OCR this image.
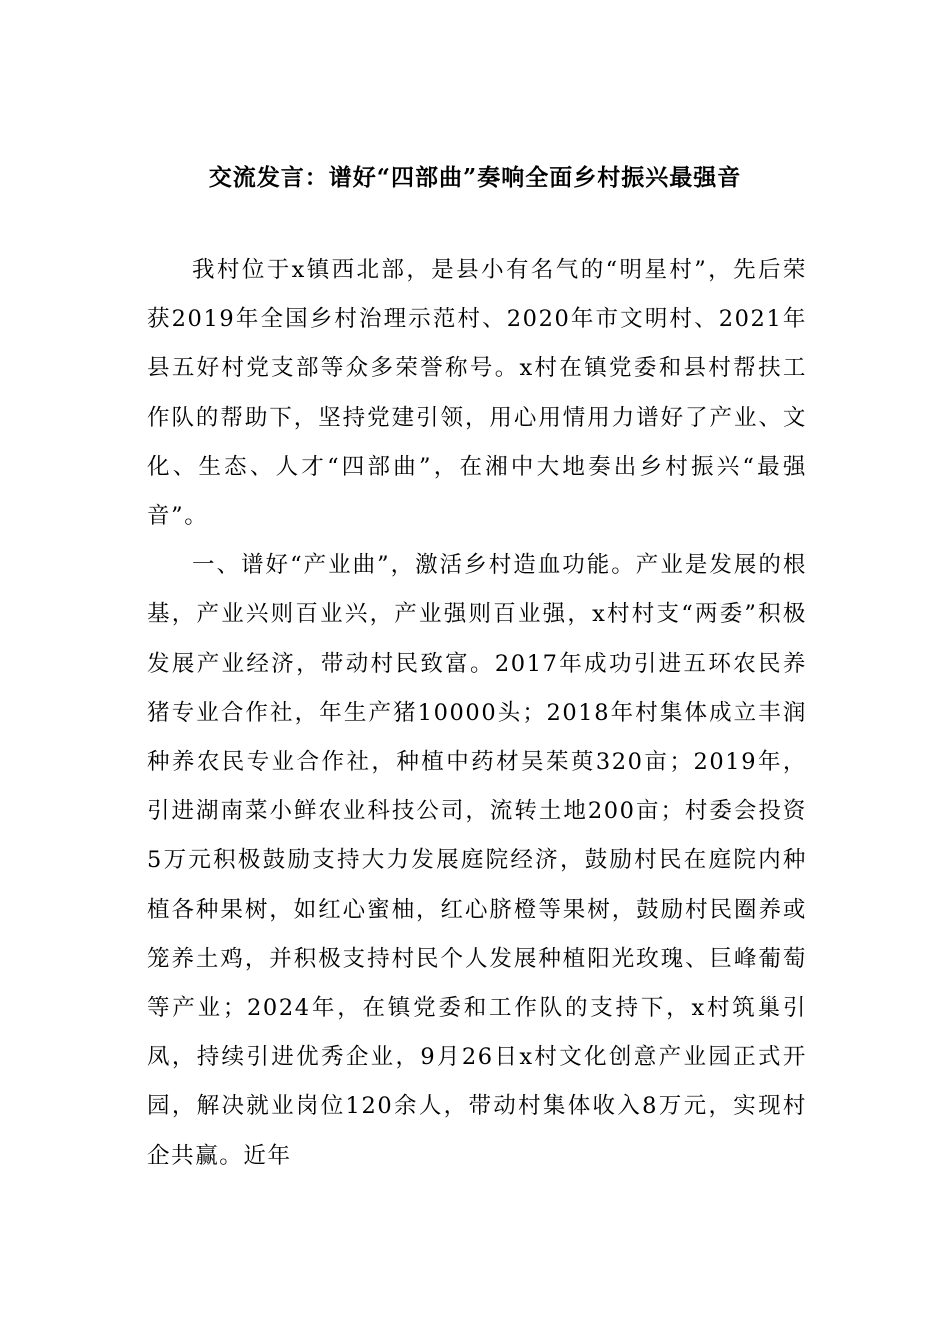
交流发言：谱好“四部曲”奏响全面乡村振兴最强音

我村位于x镇西北部，是县小有名气的“明星村”，先后荣获2019年全国乡村治理示范村、2020年市文明村、2021年县五好村党支部等众多荣誉称号。x村在镇党委和县村帮扶工作队的帮助下，坚持党建引领，用心用情用力谱好了产业、文化、生态、人才“四部曲”，在湘中大地奏出乡村振兴“最强音”。

一、谱好“产业曲”，激活乡村造血功能。产业是发展的根基，产业兴则百业兴，产业强则百业强，x村村支“两委”积极发展产业经济，带动村民致富。2017年成功引进五环农民养猪专业合作社，年生产猪10000头；2018年村集体成立丰润种养农民专业合作社，种植中药材吴茱萸320亩；2019年，引进湖南菜小鲜农业科技公司，流转土地200亩；村委会投资5万元积极鼓励支持大力发展庭院经济，鼓励村民在庭院内种植各种果树，如红心蜜柚，红心脐橙等果树，鼓励村民圈养或笼养土鸡，并积极支持村民个人发展种植阳光玫瑰、巨峰葡萄等产业；2024年，在镇党委和工作队的支持下，x村筑巢引凤，持续引进优秀企业，9月26日x村文化创意产业园正式开园，解决就业岗位120余人，带动村集体收入8万元，实现村企共赢。近年
